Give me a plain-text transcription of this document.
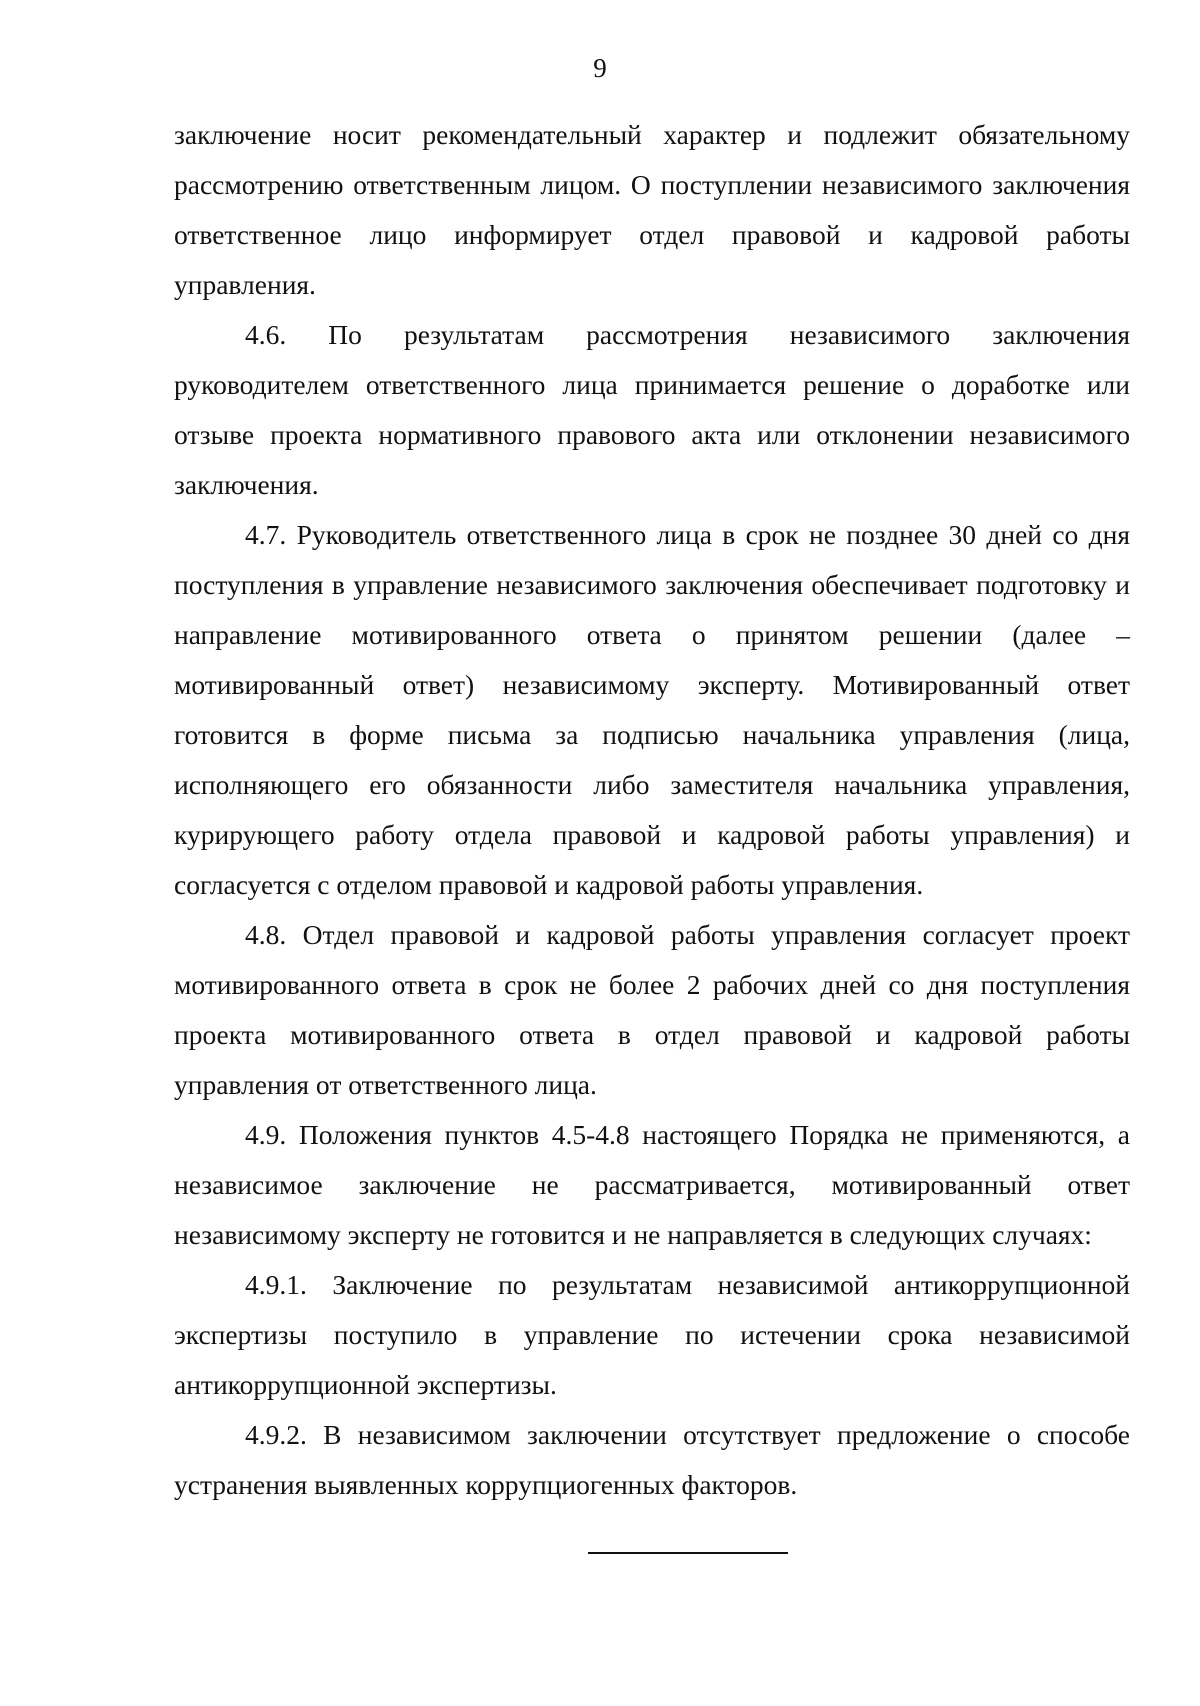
9

заключение носит рекомендательный характер и подлежит обязательному рассмотрению ответственным лицом. О поступлении независимого заключения ответственное лицо информирует отдел правовой и кадровой работы управления.

4.6. По результатам рассмотрения независимого заключения руководителем ответственного лица принимается решение о доработке или отзыве проекта нормативного правового акта или отклонении независимого заключения.

4.7. Руководитель ответственного лица в срок не позднее 30 дней со дня поступления в управление независимого заключения обеспечивает подготовку и направление мотивированного ответа о принятом решении (далее – мотивированный ответ) независимому эксперту. Мотивированный ответ готовится в форме письма за подписью начальника управления (лица, исполняющего его обязанности либо заместителя начальника управления, курирующего работу отдела правовой и кадровой работы управления) и согласуется с отделом правовой и кадровой работы управления.

4.8. Отдел правовой и кадровой работы управления согласует проект мотивированного ответа в срок не более 2 рабочих дней со дня поступления проекта мотивированного ответа в отдел правовой и кадровой работы управления от ответственного лица.

4.9. Положения пунктов 4.5-4.8 настоящего Порядка не применяются, а независимое заключение не рассматривается, мотивированный ответ независимому эксперту не готовится и не направляется в следующих случаях:

4.9.1. Заключение по результатам независимой антикоррупционной экспертизы поступило в управление по истечении срока независимой антикоррупционной экспертизы.

4.9.2. В независимом заключении отсутствует предложение о способе устранения выявленных коррупциогенных факторов.
